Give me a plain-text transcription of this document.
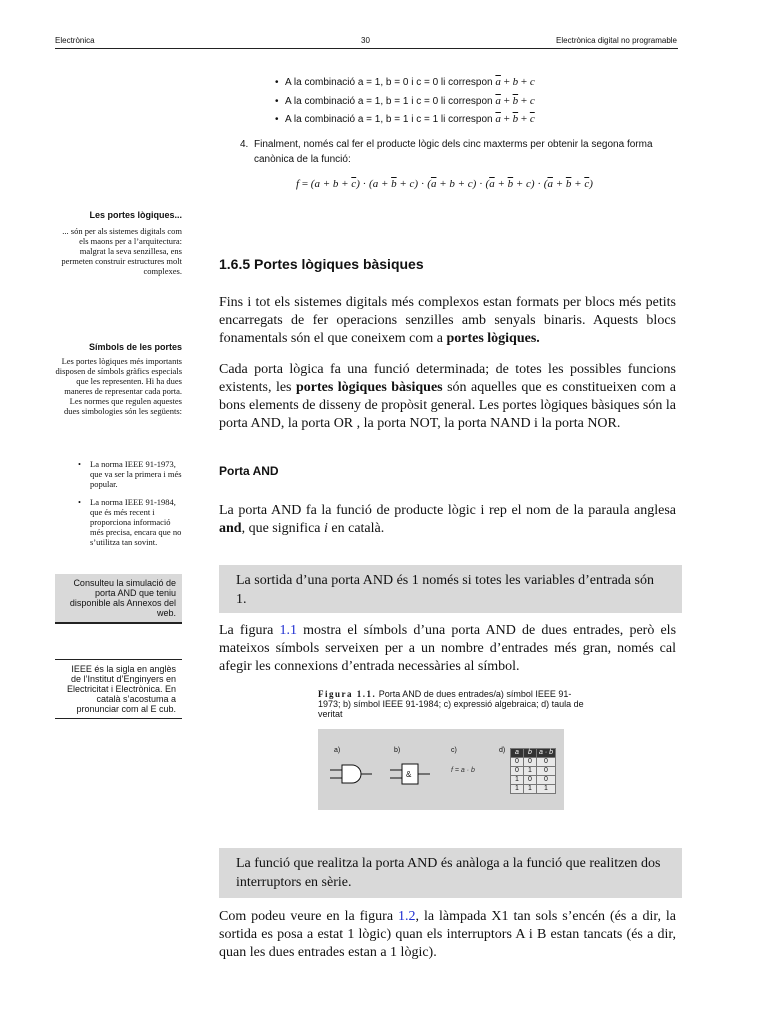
Electrònica	30	Electrònica digital no programable
• A la combinació a = 1, b = 0 i c = 0 li correspon $\overline{a} + b + c$
• A la combinació a = 1, b = 1 i c = 0 li correspon $\overline{a} + \overline{b} + c$
• A la combinació a = 1, b = 1 i c = 1 li correspon $\overline{a} + \overline{b} + \overline{c}$
4. Finalment, només cal fer el producte lògic dels cinc maxterms per obtenir la segona forma canònica de la funció:
$f = (a + b + \overline{c}) \cdot (a + \overline{b} + c) \cdot (\overline{a} + b + c) \cdot (\overline{a} + \overline{b} + c) \cdot (\overline{a} + \overline{b} + \overline{c})$
Les portes lògiques...
... són per als sistemes digitals com els maons per a l’arquitectura: malgrat la seva senzillesa, ens permeten construir estructures molt complexes.
Símbols de les portes
Les portes lògiques més importants disposen de símbols gràfics especials que les representen. Hi ha dues maneres de representar cada porta. Les normes que regulen aquestes dues simbologies són les següents:
• La norma IEEE 91-1973, que va ser la primera i més popular.
• La norma IEEE 91-1984, que és més recent i proporciona informació més precisa, encara que no s’utilitza tan sovint.
Consulteu la simulació de porta AND que teniu disponible als Annexos del web.
IEEE és la sigla en anglès de l’Institut d’Enginyers en Electricitat i Electrònica. En català s’acostuma a pronunciar com al E cub.
1.6.5 Portes lògiques bàsiques
Fins i tot els sistemes digitals més complexos estan formats per blocs més petits encarregats de fer operacions senzilles amb senyals binaris. Aquests blocs fonamentals són el que coneixem com a portes lògiques.
Cada porta lògica fa una funció determinada; de totes les possibles funcions existents, les portes lògiques bàsiques són aquelles que es constitueixen com a bons elements de disseny de propòsit general. Les portes lògiques bàsiques són la porta AND, la porta OR , la porta NOT, la porta NAND i la porta NOR.
Porta AND
La porta AND fa la funció de producte lògic i rep el nom de la paraula anglesa and, que significa i en català.
La sortida d’una porta AND és 1 només si totes les variables d’entrada són 1.
La figura 1.1 mostra el símbols d’una porta AND de dues entrades, però els mateixos símbols serveixen per a un nombre d’entrades més gran, només cal afegir les connexions d’entrada necessàries al símbol.
Figura 1.1. Porta AND de dues entrades/a) símbol IEEE 91-1973; b) símbol IEEE 91-1984; c) expressió algebraica; d) taula de veritat
a)	b)	c)	d)
&	f = a · b
a	b	a · b
0	0	0
0	1	0
1	0	0
1	1	1
La funció que realitza la porta AND és anàloga a la funció que realitzen dos interruptors en sèrie.
Com podeu veure en la figura 1.2, la làmpada X1 tan sols s’encén (és a dir, la sortida es posa a estat 1 lògic) quan els interruptors A i B estan tancats (és a dir, quan les dues entrades estan a 1 lògic).
